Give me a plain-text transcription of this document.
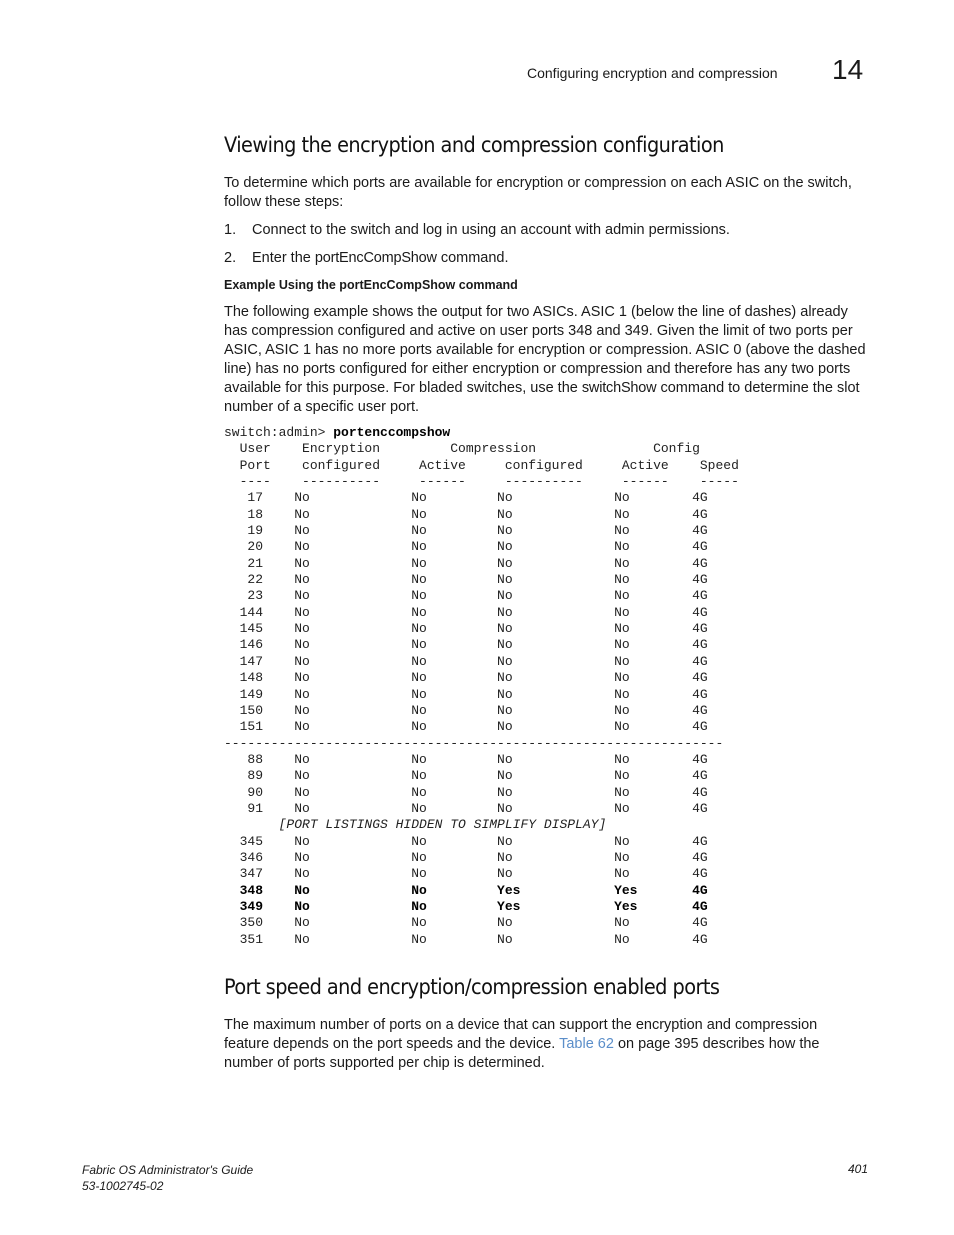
Configuring encryption and compression 14
Viewing the encryption and compression configuration

To determine which ports are available for encryption or compression on each ASIC on the switch, follow these steps:

1. Connect to the switch and log in using an account with admin permissions.
2. Enter the portEncCompShow command.
Example Using the portEncCompShow command

The following example shows the output for two ASICs. ASIC 1 (below the line of dashes) already has compression configured and active on user ports 348 and 349. Given the limit of two ports per ASIC, ASIC 1 has no more ports available for encryption or compression. ASIC 0 (above the dashed line) has no ports configured for either encryption or compression and therefore has any two ports available for this purpose. For bladed switches, use the switchShow command to determine the slot number of a specific user port.

switch:admin> portenccompshow
User    Encryption         Compression               Config
Port    configured     Active     configured     Active    Speed
----    ----------     ------     ----------     ------    -----
17    No             No         No             No        4G
18    No             No         No             No        4G
19    No             No         No             No        4G
20    No             No         No             No        4G
21    No             No         No             No        4G
22    No             No         No             No        4G
23    No             No         No             No        4G
144    No             No         No             No        4G
145    No             No         No             No        4G
146    No             No         No             No        4G
147    No             No         No             No        4G
148    No             No         No             No        4G
149    No             No         No             No        4G
150    No             No         No             No        4G
151    No             No         No             No        4G
----------------------------------------------------------------
88    No             No         No             No        4G
89    No             No         No             No        4G
90    No             No         No             No        4G
91    No             No         No             No        4G
[PORT LISTINGS HIDDEN TO SIMPLIFY DISPLAY]
345    No             No         No             No        4G
346    No             No         No             No        4G
347    No             No         No             No        4G
348    No             No         Yes            Yes       4G
349    No             No         Yes            Yes       4G
350    No             No         No             No        4G
351    No             No         No             No        4G
Port speed and encryption/compression enabled ports

The maximum number of ports on a device that can support the encryption and compression feature depends on the port speeds and the device. Table 62 on page 395 describes how the number of ports supported per chip is determined.

Fabric OS Administrator's Guide
53-1002745-02
401
